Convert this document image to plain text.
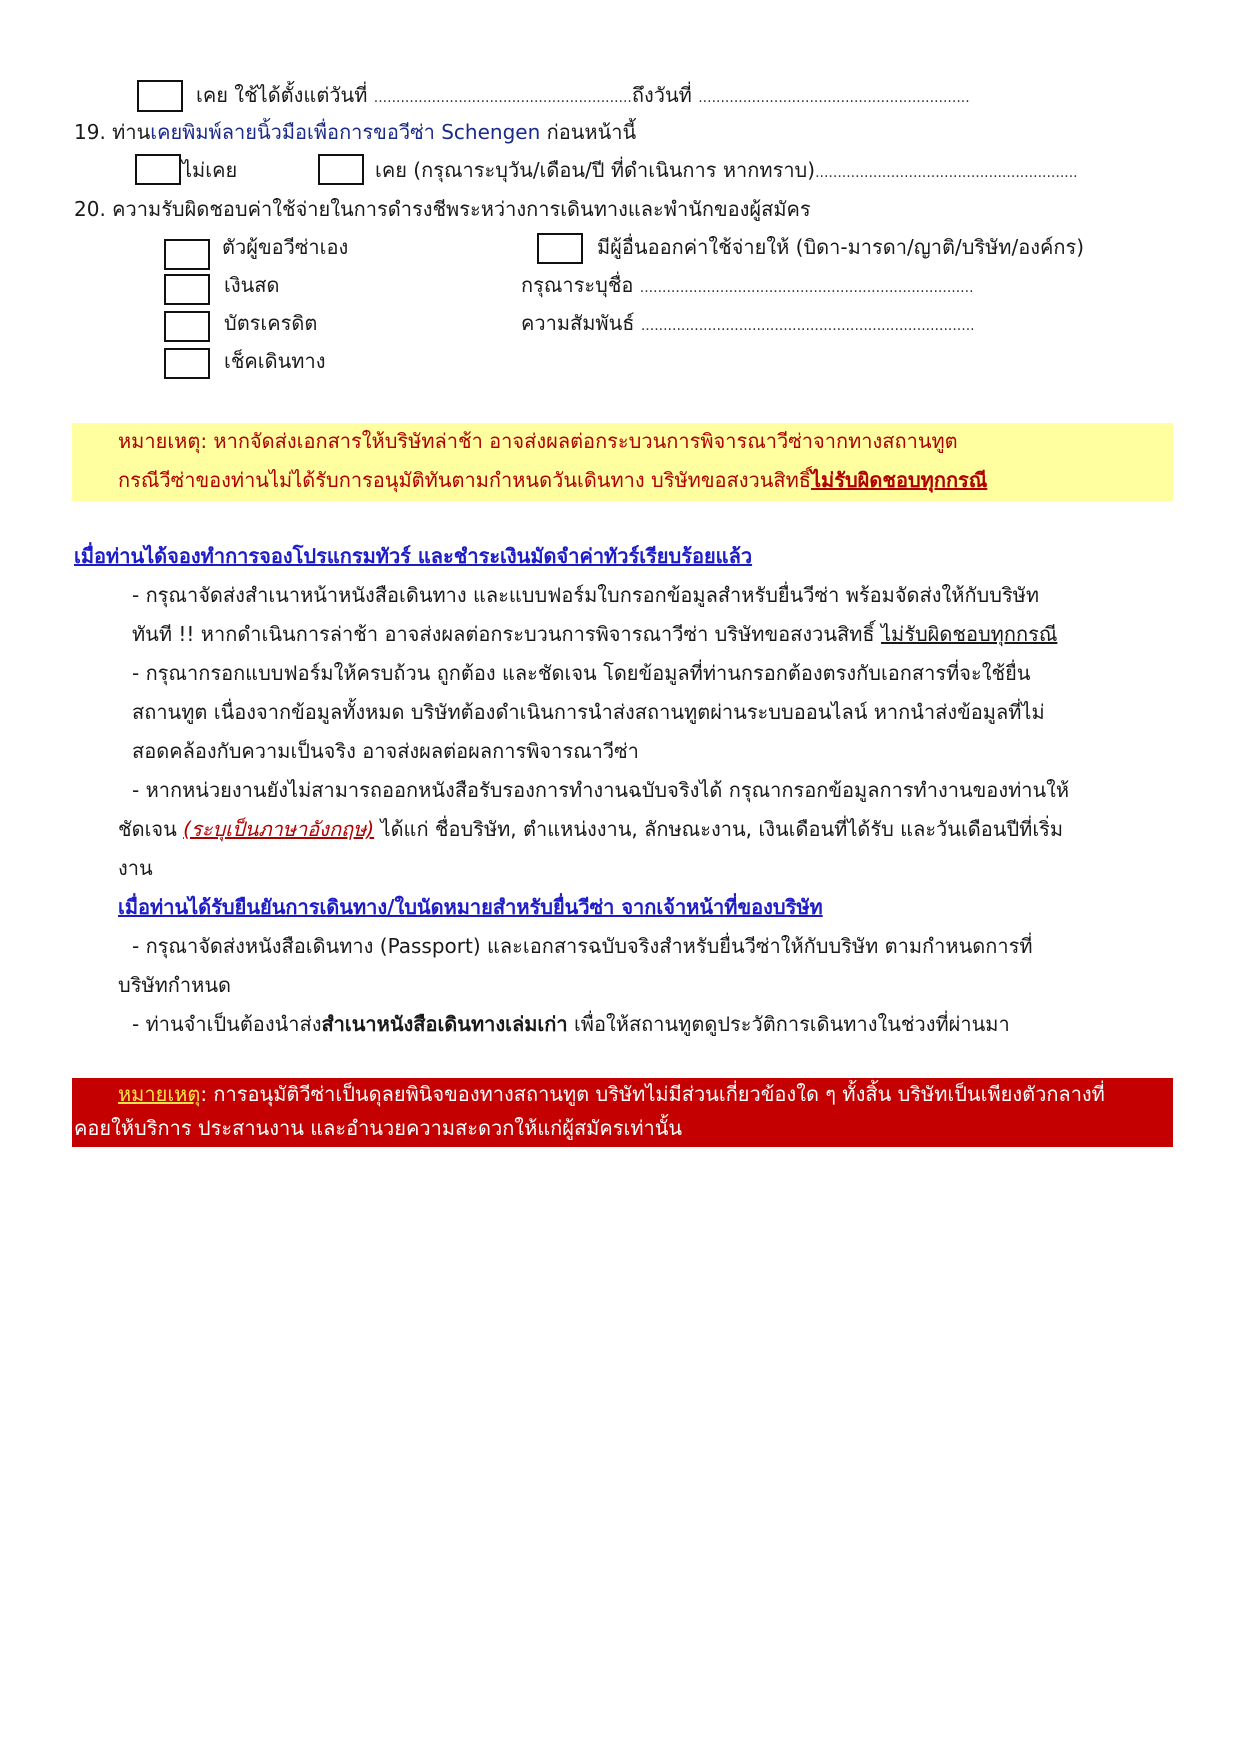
เคย ใช้ได้ตั้งแต่วันที่ ..........................................................ถึงวันที่ .............................................................
19. ท่านเคยพิมพ์ลายนิ้วมือเพื่อการขอวีซ่า Schengen ก่อนหน้านี้
ไม่เคย	เคย (กรุณาระบุวัน/เดือน/ปี ที่ดำเนินการ หากทราบ)...........................................................
20. ความรับผิดชอบค่าใช้จ่ายในการดำรงชีพระหว่างการเดินทางและพำนักของผู้สมัคร
ตัวผู้ขอวีซ่าเอง	มีผู้อื่นออกค่าใช้จ่ายให้ (บิดา-มารดา/ญาติ/บริษัท/องค์กร)
เงินสด	กรุณาระบุชื่อ ...........................................................................
บัตรเครดิต	ความสัมพันธ์ ...........................................................................
เช็คเดินทาง
หมายเหตุ: หากจัดส่งเอกสารให้บริษัทล่าช้า อาจส่งผลต่อกระบวนการพิจารณาวีซ่าจากทางสถานทูต
กรณีวีซ่าของท่านไม่ได้รับการอนุมัติทันตามกำหนดวันเดินทาง บริษัทขอสงวนสิทธิ์ไม่รับผิดชอบทุกกรณี
เมื่อท่านได้จองทำการจองโปรแกรมทัวร์ และชำระเงินมัดจำค่าทัวร์เรียบร้อยแล้ว
- กรุณาจัดส่งสำเนาหน้าหนังสือเดินทาง และแบบฟอร์มใบกรอกข้อมูลสำหรับยื่นวีซ่า พร้อมจัดส่งให้กับบริษัท
ทันที !! หากดำเนินการล่าช้า อาจส่งผลต่อกระบวนการพิจารณาวีซ่า บริษัทขอสงวนสิทธิ์ ไม่รับผิดชอบทุกกรณี
- กรุณากรอกแบบฟอร์มให้ครบถ้วน ถูกต้อง และชัดเจน โดยข้อมูลที่ท่านกรอกต้องตรงกับเอกสารที่จะใช้ยื่น
สถานทูต เนื่องจากข้อมูลทั้งหมด บริษัทต้องดำเนินการนำส่งสถานทูตผ่านระบบออนไลน์ หากนำส่งข้อมูลที่ไม่
สอดคล้องกับความเป็นจริง อาจส่งผลต่อผลการพิจารณาวีซ่า
- หากหน่วยงานยังไม่สามารถออกหนังสือรับรองการทำงานฉบับจริงได้ กรุณากรอกข้อมูลการทำงานของท่านให้
ชัดเจน (ระบุเป็นภาษาอังกฤษ) ได้แก่ ชื่อบริษัท, ตำแหน่งงาน, ลักษณะงาน, เงินเดือนที่ได้รับ และวันเดือนปีที่เริ่ม
งาน
เมื่อท่านได้รับยืนยันการเดินทาง/ใบนัดหมายสำหรับยื่นวีซ่า จากเจ้าหน้าที่ของบริษัท
- กรุณาจัดส่งหนังสือเดินทาง (Passport) และเอกสารฉบับจริงสำหรับยื่นวีซ่าให้กับบริษัท ตามกำหนดการที่
บริษัทกำหนด
- ท่านจำเป็นต้องนำส่งสำเนาหนังสือเดินทางเล่มเก่า เพื่อให้สถานทูตดูประวัติการเดินทางในช่วงที่ผ่านมา
หมายเหตุ: การอนุมัติวีซ่าเป็นดุลยพินิจของทางสถานทูต บริษัทไม่มีส่วนเกี่ยวข้องใด ๆ ทั้งสิ้น บริษัทเป็นเพียงตัวกลางที่
คอยให้บริการ ประสานงาน และอำนวยความสะดวกให้แก่ผู้สมัครเท่านั้น
